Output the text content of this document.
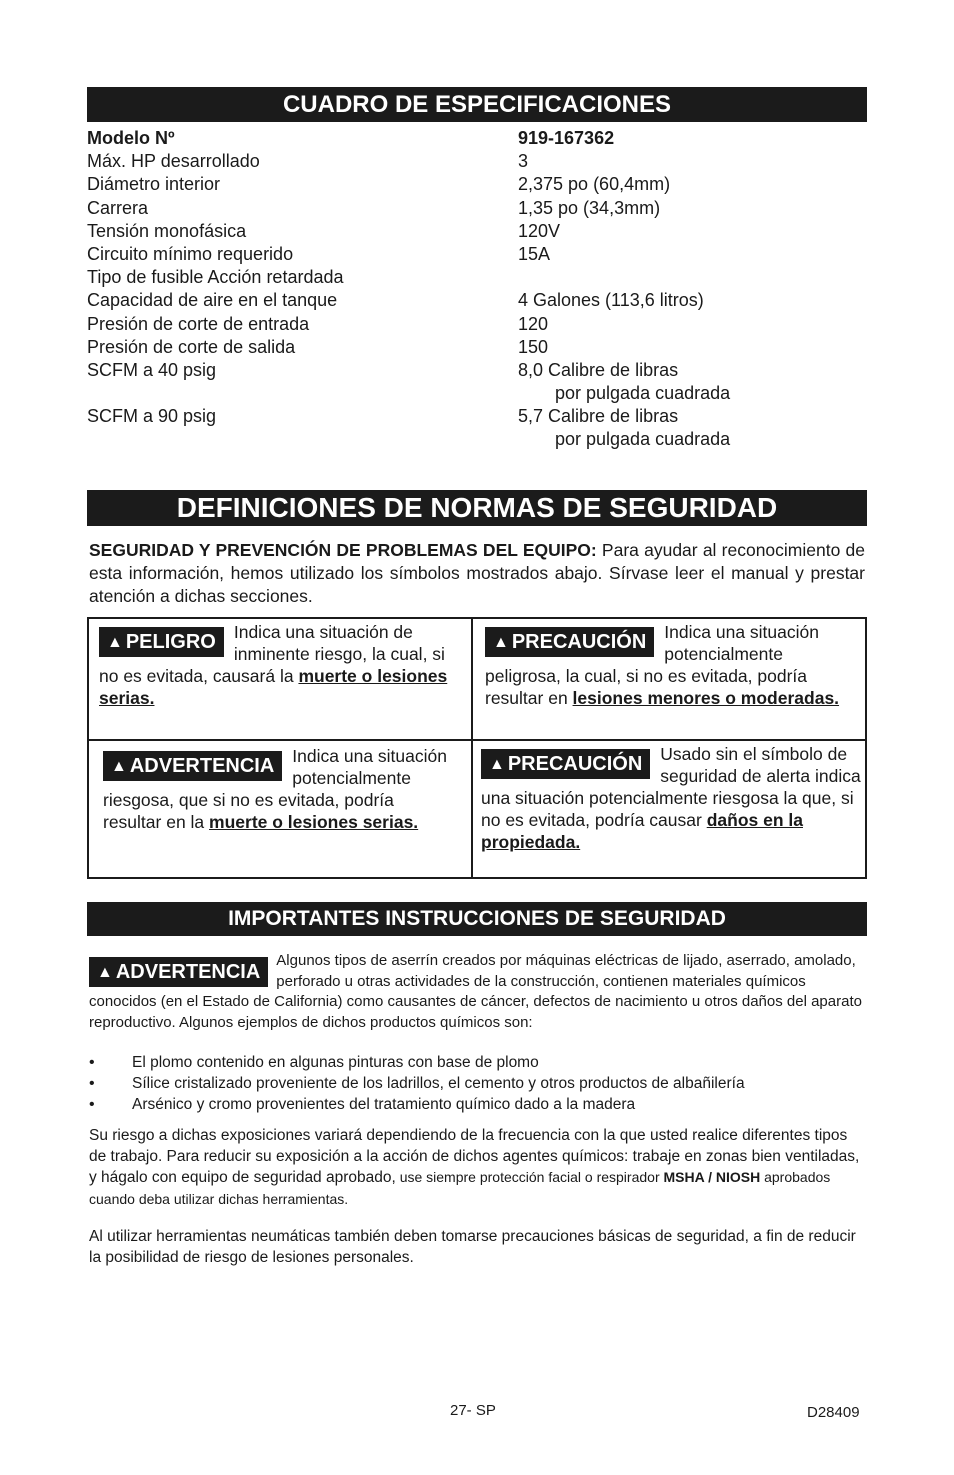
CUADRO DE ESPECIFICACIONES
Modelo Nº	919-167362
Máx. HP desarrollado	3
Diámetro interior	2,375 po (60,4mm)
Carrera	1,35 po (34,3mm)
Tensión monofásica	120V
Circuito mínimo requerido	15A
Tipo de fusible Acción retardada
Capacidad de aire en el tanque	4 Galones (113,6 litros)
Presión de corte de entrada	120
Presión de corte de salida	150
SCFM a 40 psig	8,0 Calibre de libras
por pulgada cuadrada
SCFM a 90 psig	5,7 Calibre de libras
por pulgada cuadrada
DEFINICIONES DE NORMAS DE SEGURIDAD
SEGURIDAD Y PREVENCIÓN DE PROBLEMAS DEL EQUIPO: Para ayudar al reconocimiento de esta información, hemos utilizado los símbolos mostrados abajo. Sírvase leer el manual y prestar atención a dichas secciones.
▲ PELIGRO	Indica una situación de inminente riesgo, la cual, si no es evitada, causará la muerte o lesiones serias.
▲ PRECAUCIÓN	Indica una situación potencialmente peligrosa, la cual, si no es evitada, podría resultar en lesiones menores o moderadas.
▲ ADVERTENCIA	Indica una situación potencialmente riesgosa, que si no es evitada, podría resultar en la muerte o lesiones serias.
▲ PRECAUCIÓN	Usado sin el símbolo de seguridad de alerta indica una situación potencialmente riesgosa la que, si no es evitada, podría causar daños en la propiedada.
IMPORTANTES INSTRUCCIONES DE SEGURIDAD
▲ ADVERTENCIA
Algunos tipos de aserrín creados por máquinas eléctricas de lijado, aserrado, amolado, perforado u otras actividades de la construcción, contienen materiales químicos conocidos (en el Estado de California) como causantes de cáncer, defectos de nacimiento u otros daños del aparato reproductivo. Algunos ejemplos de dichos productos químicos son:
• El plomo contenido en algunas pinturas con base de plomo
• Sílice cristalizado proveniente de los ladrillos, el cemento y otros productos de albañilería
• Arsénico y cromo provenientes del tratamiento químico dado a la madera
Su riesgo a dichas exposiciones variará dependiendo de la frecuencia con la que usted realice diferentes tipos de trabajo. Para reducir su exposición a la acción de dichos agentes químicos: trabaje en zonas bien ventiladas, y hágalo con equipo de seguridad aprobado, use siempre protección facial o respirador MSHA / NIOSH aprobados cuando deba utilizar dichas herramientas.
Al utilizar herramientas neumáticas también deben tomarse precauciones básicas de seguridad, a fin de reducir la posibilidad de riesgo de lesiones personales.
27- SP	D28409
